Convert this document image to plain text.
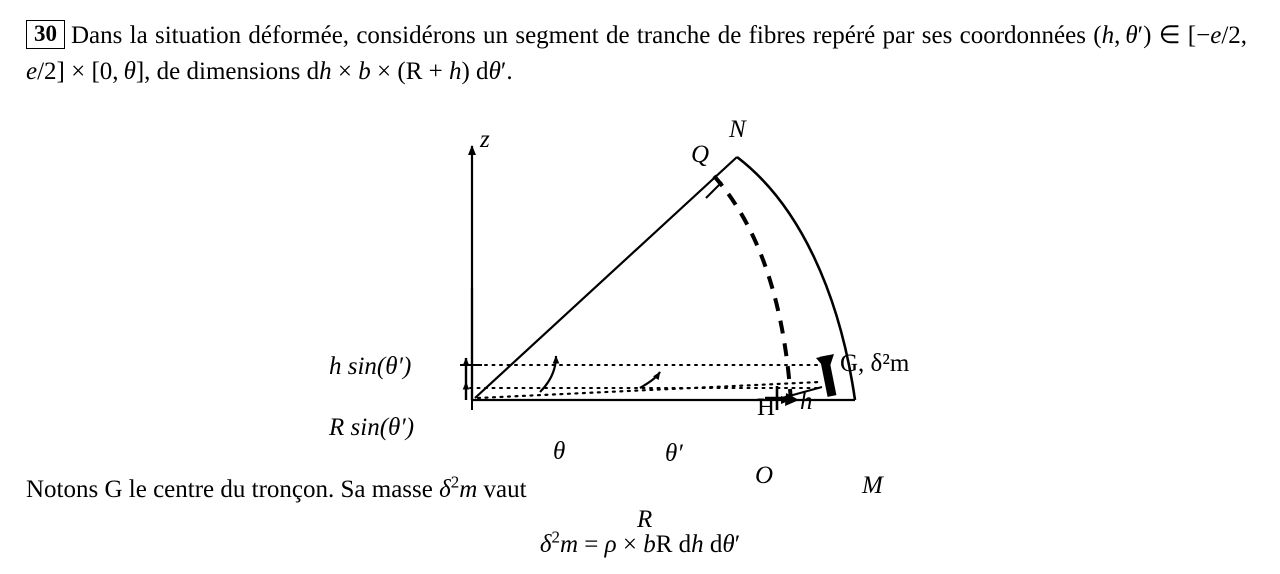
30 Dans la situation déformée, considérons un segment de tranche de fibres repéré par ses coordonnées (h, θ′) ∈ [−e/2, e/2] × [0, θ], de dimensions dh × b × (R + h) dθ′.
z	N
Q
G, δ²m
H h
O	M
h sin(θ′)
R sin(θ′)
θ	θ′
R
Notons G le centre du tronçon. Sa masse $\delta^2m$ vaut
$\delta^2m = \rho$ × bR dh dθ′
